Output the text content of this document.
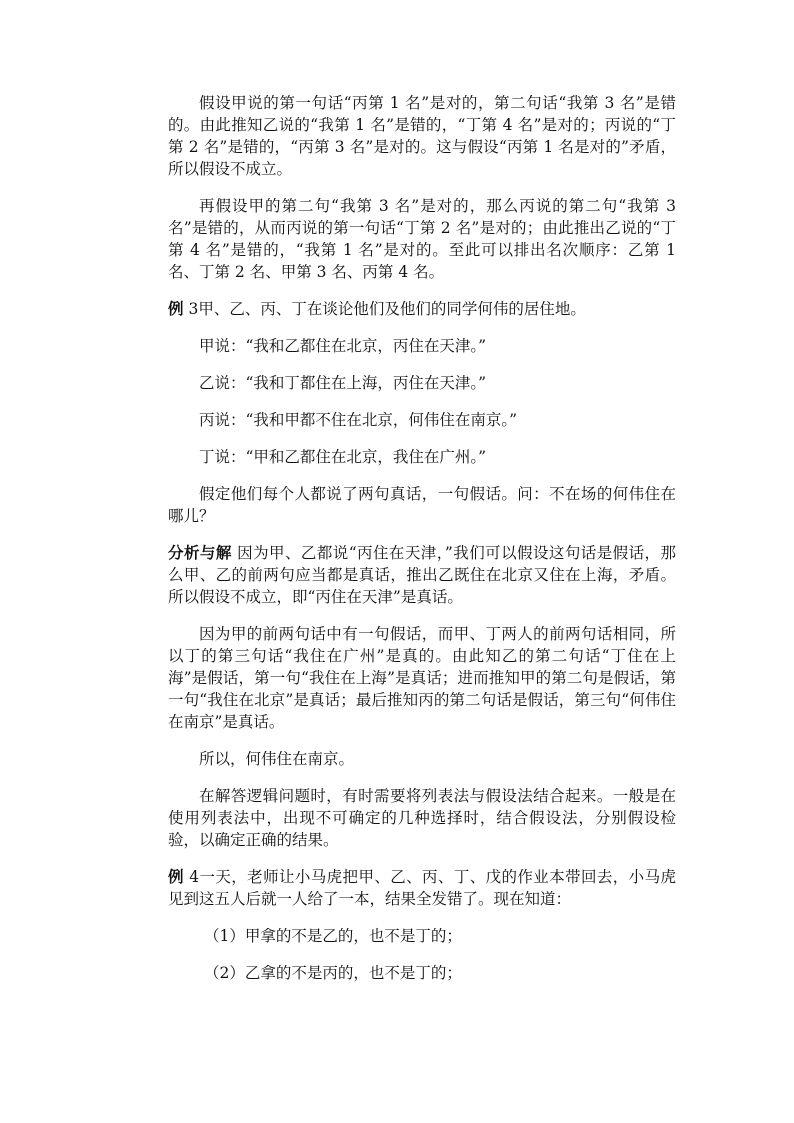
假设甲说的第一句话“丙第 1 名”是对的，第二句话“我第 3 名”是错的。由此推知乙说的“我第 1 名”是错的，“丁第 4 名”是对的；丙说的“丁第 2 名”是错的，“丙第 3 名”是对的。这与假设“丙第 1 名是对的”矛盾，所以假设不成立。

再假设甲的第二句“我第 3 名”是对的，那么丙说的第二句“我第 3 名”是错的，从而丙说的第一句话“丁第 2 名”是对的；由此推出乙说的“丁第 4 名”是错的，“我第 1 名”是对的。至此可以排出名次顺序：乙第 1 名、丁第 2 名、甲第 3 名、丙第 4 名。

例 3甲、乙、丙、丁在谈论他们及他们的同学何伟的居住地。

甲说：“我和乙都住在北京，丙住在天津。”

乙说：“我和丁都住在上海，丙住在天津。”

丙说：“我和甲都不住在北京，何伟住在南京。”

丁说：“甲和乙都住在北京，我住在广州。”

假定他们每个人都说了两句真话，一句假话。问：不在场的何伟住在哪儿？

分析与解 因为甲、乙都说“丙住在天津，”我们可以假设这句话是假话，那么甲、乙的前两句应当都是真话，推出乙既住在北京又住在上海，矛盾。所以假设不成立，即“丙住在天津”是真话。

因为甲的前两句话中有一句假话，而甲、丁两人的前两句话相同，所以丁的第三句话“我住在广州”是真的。由此知乙的第二句话“丁住在上海”是假话，第一句“我住在上海”是真话；进而推知甲的第二句是假话，第一句“我住在北京”是真话；最后推知丙的第二句话是假话，第三句“何伟住在南京”是真话。

所以，何伟住在南京。

在解答逻辑问题时，有时需要将列表法与假设法结合起来。一般是在使用列表法中，出现不可确定的几种选择时，结合假设法，分别假设检验，以确定正确的结果。

例 4一天，老师让小马虎把甲、乙、丙、丁、戊的作业本带回去，小马虎见到这五人后就一人给了一本，结果全发错了。现在知道：

（1）甲拿的不是乙的，也不是丁的；

（2）乙拿的不是丙的，也不是丁的；
